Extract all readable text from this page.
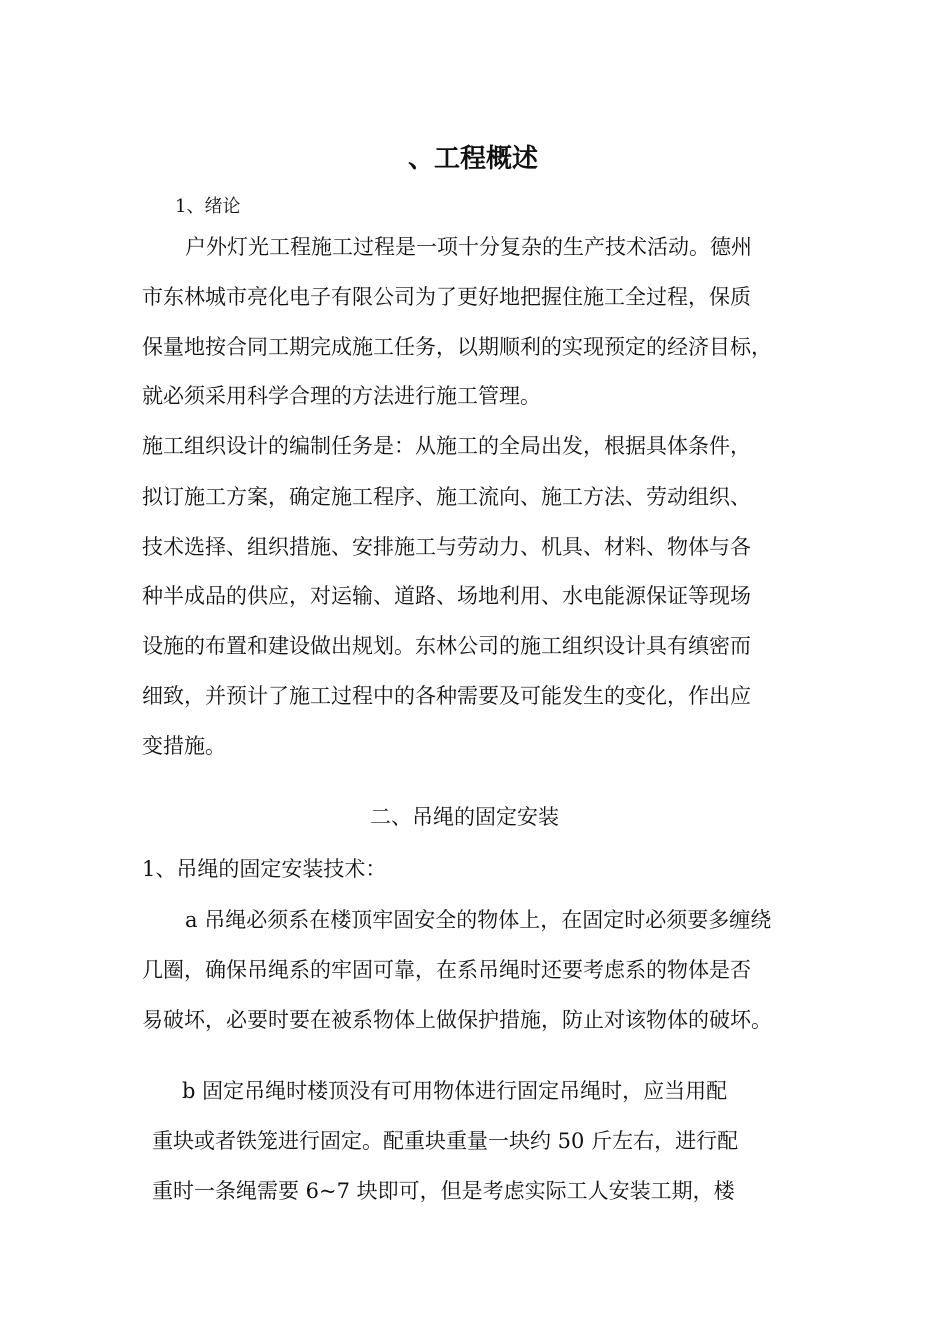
、工程概述

1、绪论

户外灯光工程施工过程是一项十分复杂的生产技术活动。德州

市东林城市亮化电子有限公司为了更好地把握住施工全过程，保质

保量地按合同工期完成施工任务，以期顺利的实现预定的经济目标，

就必须采用科学合理的方法进行施工管理。

施工组织设计的编制任务是：从施工的全局出发，根据具体条件，

拟订施工方案，确定施工程序、施工流向、施工方法、劳动组织、

技术选择、组织措施、安排施工与劳动力、机具、材料、物体与各

种半成品的供应，对运输、道路、场地利用、水电能源保证等现场

设施的布置和建设做出规划。东林公司的施工组织设计具有缜密而

细致，并预计了施工过程中的各种需要及可能发生的变化，作出应

变措施。

二、吊绳的固定安装

1、吊绳的固定安装技术：

a 吊绳必须系在楼顶牢固安全的物体上，在固定时必须要多缠绕

几圈，确保吊绳系的牢固可靠，在系吊绳时还要考虑系的物体是否

易破坏，必要时要在被系物体上做保护措施，防止对该物体的破坏。

b 固定吊绳时楼顶没有可用物体进行固定吊绳时，应当用配

重块或者铁笼进行固定。配重块重量一块约 50 斤左右，进行配

重时一条绳需要 6~7 块即可，但是考虑实际工人安装工期，楼
